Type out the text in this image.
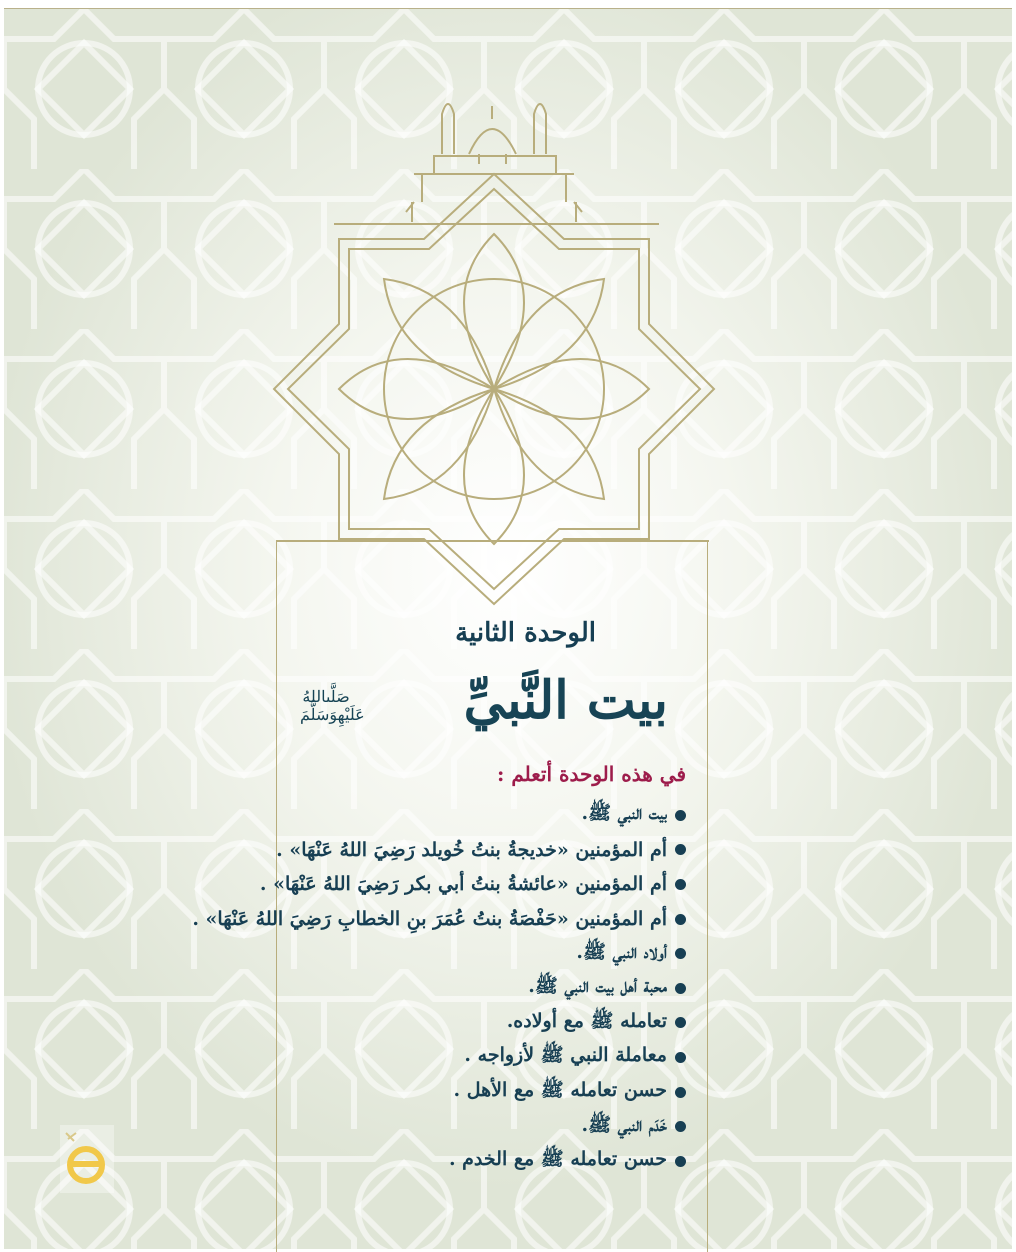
الوحدة الثانية
بيت النَّبيِّ
صَلَّىاللهُ عَلَيْهِوَسَلَّمَ
في هذه الوحدة أتعلم :
بيت النبي ﷺ.
أم المؤمنين «خديجةُ بنتُ خُويلد رَضِيَ اللهُ عَنْهَا» .
أم المؤمنين «عائشةُ بنتُ أبي بكر رَضِيَ اللهُ عَنْهَا» .
أم المؤمنين «حَفْصَةُ بنتُ عُمَرَ بنِ الخطابِ رَضِيَ اللهُ عَنْهَا» .
أولاد النبي ﷺ.
محبة أهل بيت النبي ﷺ.
تعامله ﷺ مع أولاده.
معاملة النبي ﷺ لأزواجه .
حسن تعامله ﷺ مع الأهل .
خَدَم النبي ﷺ.
حسن تعامله ﷺ مع الخدم .
